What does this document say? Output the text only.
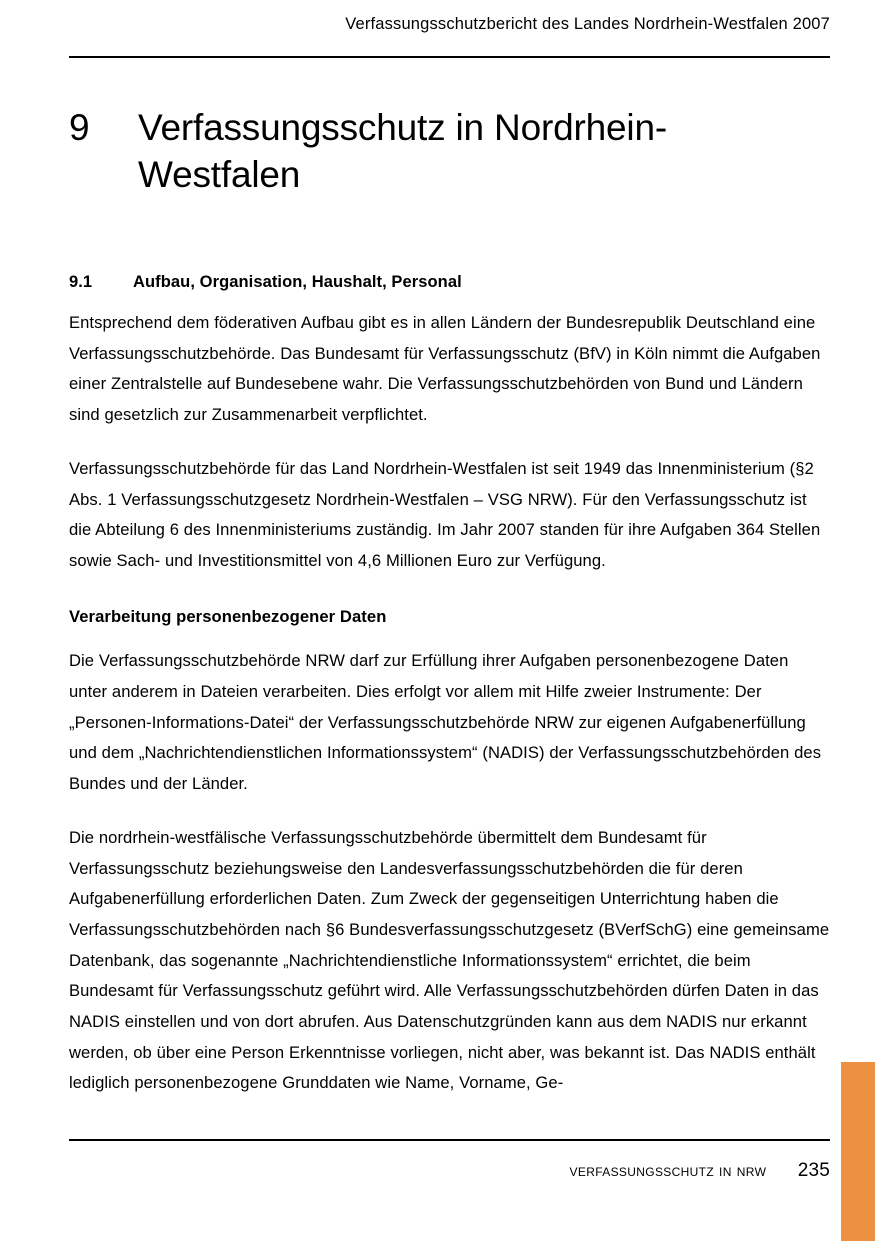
Verfassungsschutzbericht des Landes Nordrhein-Westfalen 2007
9	Verfassungsschutz in Nordrhein-Westfalen
9.1	Aufbau, Organisation, Haushalt, Personal

Entsprechend dem föderativen Aufbau gibt es in allen Ländern der Bundesrepublik Deutschland eine Verfassungsschutzbehörde. Das Bundesamt für Verfassungsschutz (BfV) in Köln nimmt die Aufgaben einer Zentralstelle auf Bundesebene wahr. Die Verfassungsschutzbehörden von Bund und Ländern sind gesetzlich zur Zusammenarbeit verpflichtet.

Verfassungsschutzbehörde für das Land Nordrhein-Westfalen ist seit 1949 das Innenministerium (§2 Abs. 1 Verfassungsschutzgesetz Nordrhein-Westfalen – VSG NRW). Für den Verfassungsschutz ist die Abteilung 6 des Innenministeriums zuständig. Im Jahr 2007 standen für ihre Aufgaben 364 Stellen sowie Sach- und Investitionsmittel von 4,6 Millionen Euro zur Verfügung.

Verarbeitung personenbezogener Daten

Die Verfassungsschutzbehörde NRW darf zur Erfüllung ihrer Aufgaben personenbezogene Daten unter anderem in Dateien verarbeiten. Dies erfolgt vor allem mit Hilfe zweier Instrumente: Der „Personen-Informations-Datei“ der Verfassungsschutzbehörde NRW zur eigenen Aufgabenerfüllung und dem „Nachrichtendienstlichen Informationssystem“ (NADIS) der Verfassungsschutzbehörden des Bundes und der Länder.

Die nordrhein-westfälische Verfassungsschutzbehörde übermittelt dem Bundesamt für Verfassungsschutz beziehungsweise den Landesverfassungsschutzbehörden die für deren Aufgabenerfüllung erforderlichen Daten. Zum Zweck der gegenseitigen Unterrichtung haben die Verfassungsschutzbehörden nach §6 Bundesverfassungsschutzgesetz (BVerfSchG) eine gemeinsame Datenbank, das sogenannte „Nachrichtendienstliche Informationssystem“ errichtet, die beim Bundesamt für Verfassungsschutz geführt wird. Alle Verfassungsschutzbehörden dürfen Daten in das NADIS einstellen und von dort abrufen. Aus Datenschutzgründen kann aus dem NADIS nur erkannt werden, ob über eine Person Erkenntnisse vorliegen, nicht aber, was bekannt ist. Das NADIS enthält lediglich personenbezogene Grunddaten wie Name, Vorname, Ge-

verfassungsschutz in nrw 235
